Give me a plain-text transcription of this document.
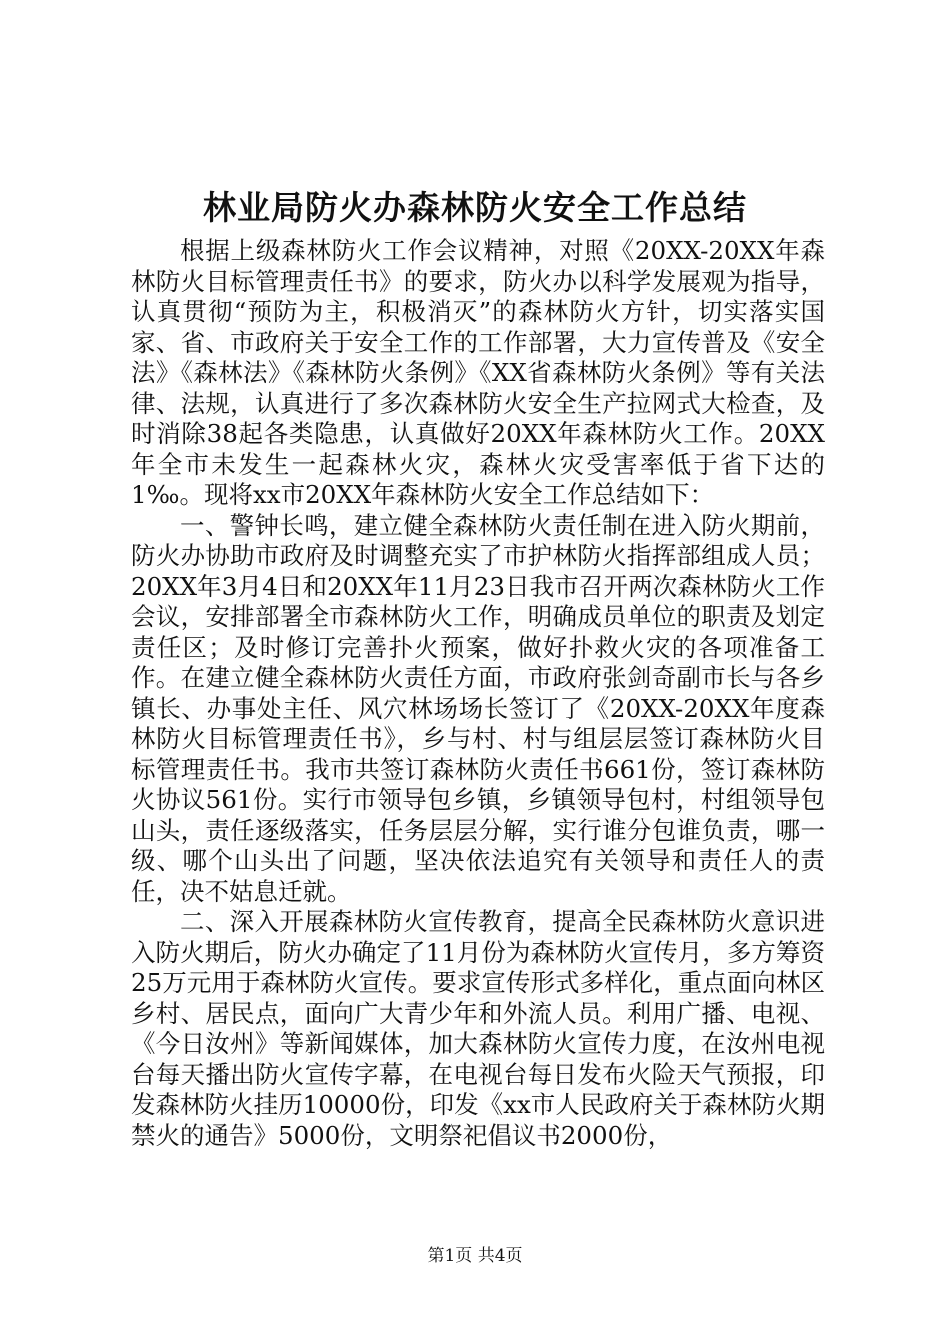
林业局防火办森林防火安全工作总结

根据上级森林防火工作会议精神，对照《20XX-20XX年森林防火目标管理责任书》的要求，防火办以科学发展观为指导，认真贯彻“预防为主，积极消灭”的森林防火方针，切实落实国家、省、市政府关于安全工作的工作部署，大力宣传普及《安全法》《森林法》《森林防火条例》《XX省森林防火条例》等有关法律、法规，认真进行了多次森林防火安全生产拉网式大检查，及时消除38起各类隐患，认真做好20XX年森林防火工作。20XX年全市未发生一起森林火灾，森林火灾受害率低于省下达的1‰。现将xx市20XX年森林防火安全工作总结如下：

一、警钟长鸣，建立健全森林防火责任制在进入防火期前，防火办协助市政府及时调整充实了市护林防火指挥部组成人员；20XX年3月4日和20XX年11月23日我市召开两次森林防火工作会议，安排部署全市森林防火工作，明确成员单位的职责及划定责任区；及时修订完善扑火预案，做好扑救火灾的各项准备工作。在建立健全森林防火责任方面，市政府张剑奇副市长与各乡镇长、办事处主任、风穴林场场长签订了《20XX-20XX年度森林防火目标管理责任书》，乡与村、村与组层层签订森林防火目标管理责任书。我市共签订森林防火责任书661份，签订森林防火协议561份。实行市领导包乡镇，乡镇领导包村，村组领导包山头，责任逐级落实，任务层层分解，实行谁分包谁负责，哪一级、哪个山头出了问题，坚决依法追究有关领导和责任人的责任，决不姑息迁就。

二、深入开展森林防火宣传教育，提高全民森林防火意识进入防火期后，防火办确定了11月份为森林防火宣传月，多方筹资25万元用于森林防火宣传。要求宣传形式多样化，重点面向林区乡村、居民点，面向广大青少年和外流人员。利用广播、电视、《今日汝州》等新闻媒体，加大森林防火宣传力度，在汝州电视台每天播出防火宣传字幕，在电视台每日发布火险天气预报，印发森林防火挂历10000份，印发《xx市人民政府关于森林防火期禁火的通告》5000份，文明祭祀倡议书2000份，

第1页 共4页
